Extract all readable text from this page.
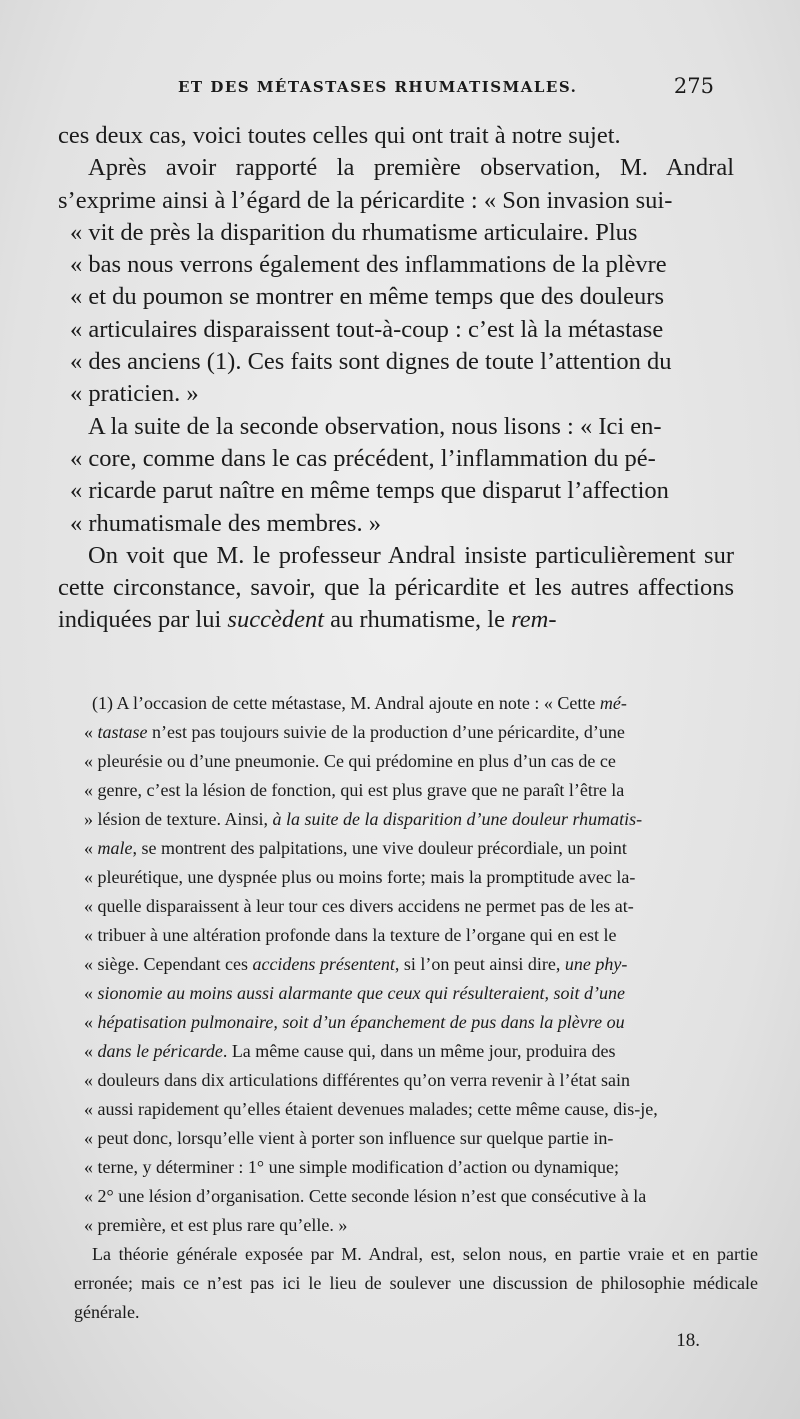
ET DES MÉTASTASES RHUMATISMALES.	275

ces deux cas, voici toutes celles qui ont trait à notre sujet.

Après avoir rapporté la première observation, M. Andral s’exprime ainsi à l’égard de la péricardite : « Son invasion sui-

« vit de près la disparition du rhumatisme articulaire. Plus

« bas nous verrons également des inflammations de la plèvre

« et du poumon se montrer en même temps que des douleurs

« articulaires disparaissent tout-à-coup : c’est là la métastase

« des anciens (1). Ces faits sont dignes de toute l’attention du

« praticien. »

A la suite de la seconde observation, nous lisons : « Ici en-

« core, comme dans le cas précédent, l’inflammation du pé-

« ricarde parut naître en même temps que disparut l’affection

« rhumatismale des membres. »

On voit que M. le professeur Andral insiste particulièrement sur cette circonstance, savoir, que la péricardite et les autres affections indiquées par lui succèdent au rhumatisme, le rem-

(1) A l’occasion de cette métastase, M. Andral ajoute en note : « Cette mé-

« tastase n’est pas toujours suivie de la production d’une péricardite, d’une

« pleurésie ou d’une pneumonie. Ce qui prédomine en plus d’un cas de ce

« genre, c’est la lésion de fonction, qui est plus grave que ne paraît l’être la

» lésion de texture. Ainsi, à la suite de la disparition d’une douleur rhumatis-

« male, se montrent des palpitations, une vive douleur précordiale, un point

« pleurétique, une dyspnée plus ou moins forte; mais la promptitude avec la-

« quelle disparaissent à leur tour ces divers accidens ne permet pas de les at-

« tribuer à une altération profonde dans la texture de l’organe qui en est le

« siège. Cependant ces accidens présentent, si l’on peut ainsi dire, une phy-

« sionomie au moins aussi alarmante que ceux qui résulteraient, soit d’une

« hépatisation pulmonaire, soit d’un épanchement de pus dans la plèvre ou

« dans le péricarde. La même cause qui, dans un même jour, produira des

« douleurs dans dix articulations différentes qu’on verra revenir à l’état sain

« aussi rapidement qu’elles étaient devenues malades; cette même cause, dis-je,

« peut donc, lorsqu’elle vient à porter son influence sur quelque partie in-

« terne, y déterminer : 1° une simple modification d’action ou dynamique;

« 2° une lésion d’organisation. Cette seconde lésion n’est que consécutive à la

« première, et est plus rare qu’elle. »

La théorie générale exposée par M. Andral, est, selon nous, en partie vraie et en partie erronée; mais ce n’est pas ici le lieu de soulever une discussion de philosophie médicale générale.

18.
